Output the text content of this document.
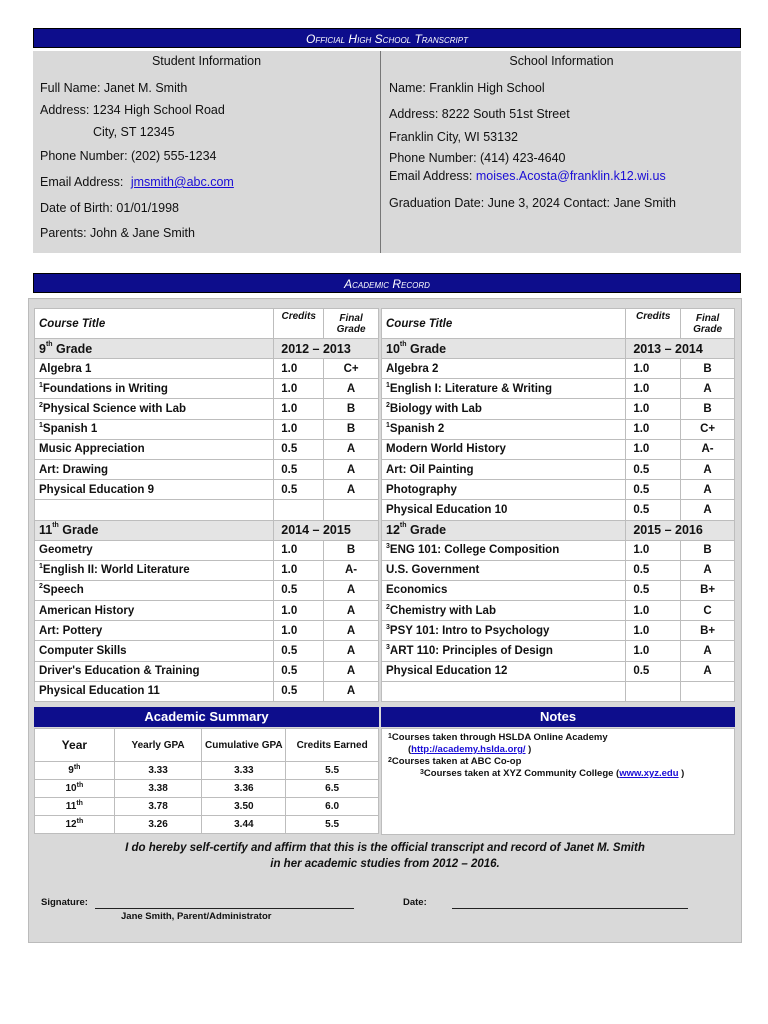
Official High School Transcript
Student Information
Full Name: Janet M. Smith
Address: 1234 High School Road
City, ST 12345
Phone Number: (202) 555-1234
Email Address: jmsmith@abc.com
Date of Birth: 01/01/1998
Parents: John & Jane Smith
School Information
Name: Franklin High School
Address: 8222 South 51st Street
Franklin City, WI 53132
Phone Number: (414) 423-4640
Email Address: moises.Acosta@franklin.k12.wi.us
Graduation Date: June 3, 2024 Contact: Jane Smith
Academic Record
Course Title	Credits	Final Grade
9th Grade	2012 – 2013	
Algebra 1	1.0	C+
$^1$Foundations in Writing	1.0	A
$^2$Physical Science with Lab	1.0	B
$^1$Spanish 1	1.0	B
Music Appreciation	0.5	A
Art: Drawing	0.5	A
Physical Education 9	0.5	A

11th Grade	2014 – 2015	
Geometry	1.0	B
$^1$English II: World Literature	1.0	A-
$^2$Speech	0.5	A
American History	1.0	A
Art: Pottery	1.0	A
Computer Skills	0.5	A
Driver's Education & Training	0.5	A
Physical Education 11	0.5	A
Course Title	Credits	Final Grade
10th Grade	2013 – 2014	
Algebra 2	1.0	B
$^1$English I: Literature & Writing	1.0	A
$^2$Biology with Lab	1.0	B
$^1$Spanish 2	1.0	C+
Modern World History	1.0	A-
Art: Oil Painting	0.5	A
Photography	0.5	A
Physical Education 10	0.5	A
12th Grade	2015 – 2016	
$^3$ENG 101: College Composition	1.0	B
U.S. Government	0.5	A
Economics	0.5	B+
$^2$Chemistry with Lab	1.0	C
$^3$PSY 101: Intro to Psychology	1.0	B+
$^3$ART 110: Principles of Design	1.0	A
Physical Education 12	0.5	A

Academic Summary
Year	Yearly GPA	Cumulative GPA	Credits Earned
9th	3.33	3.33	5.5
10th	3.38	3.36	6.5
11th	3.78	3.50	6.0
12th	3.26	3.44	5.5
Notes
$^1$Courses taken through HSLDA Online Academy
(http://academy.hslda.org/ )
$^2$Courses taken at ABC Co-op
$^3$Courses taken at XYZ Community College (www.xyz.edu )
I do hereby self-certify and affirm that this is the official transcript and record of Janet M. Smith
in her academic studies from 2012 – 2016.
Signature:
Jane Smith, Parent/Administrator
Date:
